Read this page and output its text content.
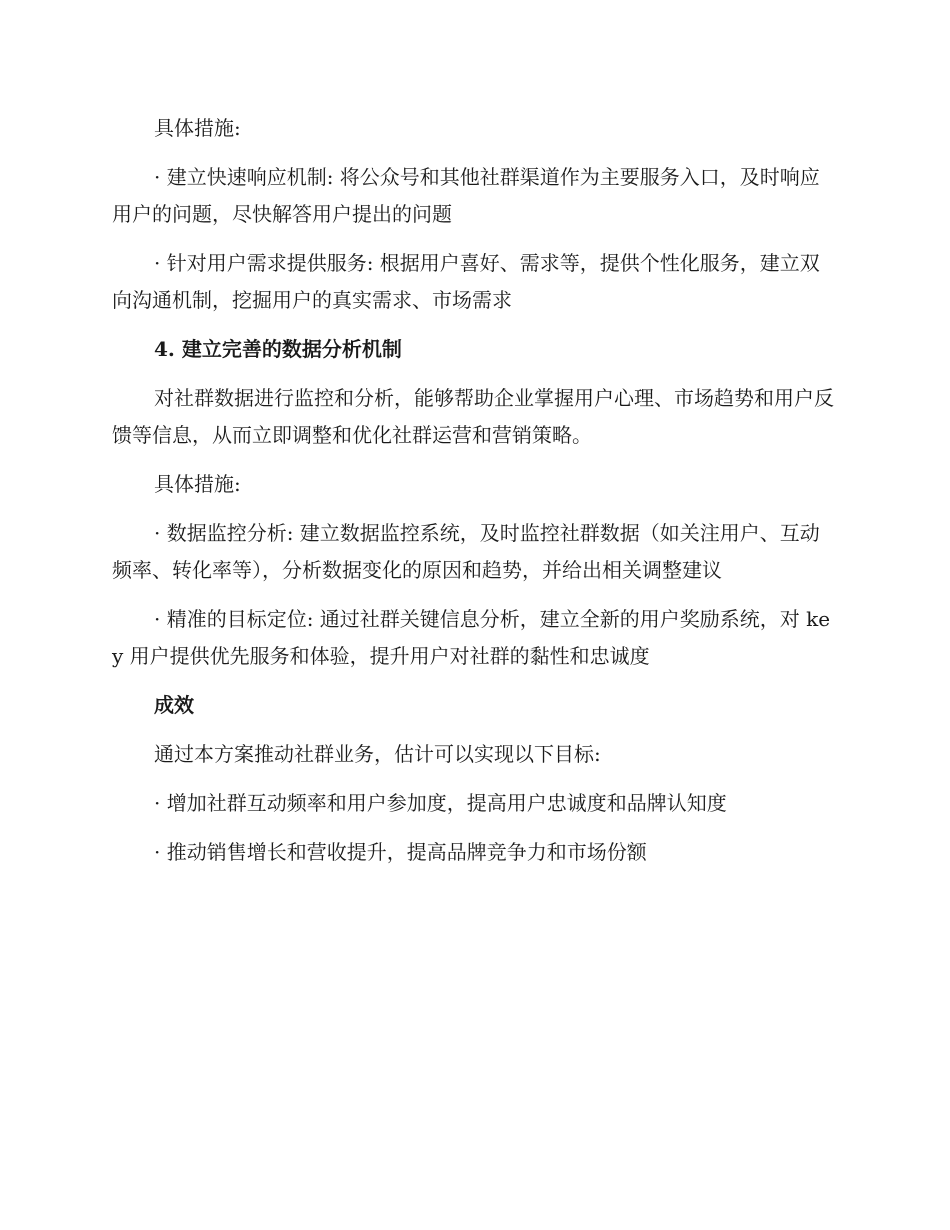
具体措施:

· 建立快速响应机制: 将公众号和其他社群渠道作为主要服务入口，及时响应用户的问题，尽快解答用户提出的问题

· 针对用户需求提供服务: 根据用户喜好、需求等，提供个性化服务，建立双向沟通机制，挖掘用户的真实需求、市场需求

4. 建立完善的数据分析机制

对社群数据进行监控和分析，能够帮助企业掌握用户心理、市场趋势和用户反馈等信息，从而立即调整和优化社群运营和营销策略。

具体措施:

· 数据监控分析: 建立数据监控系统，及时监控社群数据（如关注用户、互动频率、转化率等），分析数据变化的原因和趋势，并给出相关调整建议

· 精准的目标定位: 通过社群关键信息分析，建立全新的用户奖励系统，对 key 用户提供优先服务和体验，提升用户对社群的黏性和忠诚度

成效

通过本方案推动社群业务，估计可以实现以下目标:

· 增加社群互动频率和用户参加度，提高用户忠诚度和品牌认知度

· 推动销售增长和营收提升，提高品牌竞争力和市场份额
